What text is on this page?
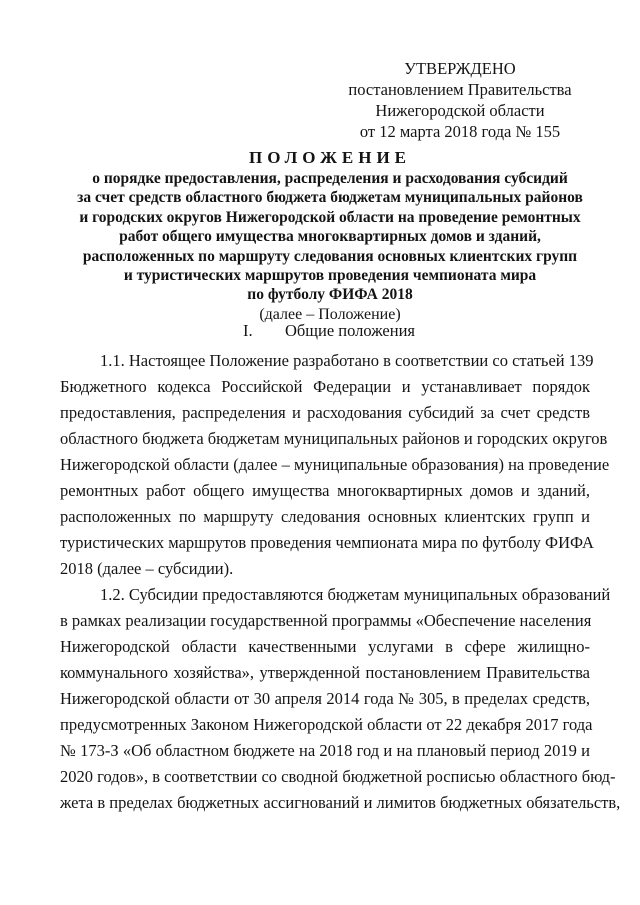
УТВЕРЖДЕНО
постановлением Правительства
Нижегородской области
от 12 марта 2018 года № 155
ПОЛОЖЕНИЕ
о порядке предоставления, распределения и расходования субсидий
за счет средств областного бюджета бюджетам муниципальных районов
и городских округов Нижегородской области на проведение ремонтных
работ общего имущества многоквартирных домов и зданий,
расположенных по маршруту следования основных клиентских групп
и туристических маршрутов проведения чемпионата мира
по футболу ФИФА 2018
(далее – Положение)
I. Общие положения
1.1. Настоящее Положение разработано в соответствии со статьей 139
Бюджетного кодекса Российской Федерации и устанавливает порядок
предоставления, распределения и расходования субсидий за счет средств
областного бюджета бюджетам муниципальных районов и городских округов
Нижегородской области (далее – муниципальные образования) на проведение
ремонтных работ общего имущества многоквартирных домов и зданий,
расположенных по маршруту следования основных клиентских групп и
туристических маршрутов проведения чемпионата мира по футболу ФИФА
2018 (далее – субсидии).
1.2. Субсидии предоставляются бюджетам муниципальных образований
в рамках реализации государственной программы «Обеспечение населения
Нижегородской области качественными услугами в сфере жилищно-
коммунального хозяйства», утвержденной постановлением Правительства
Нижегородской области от 30 апреля 2014 года № 305, в пределах средств,
предусмотренных Законом Нижегородской области от 22 декабря 2017 года
№ 173-З «Об областном бюджете на 2018 год и на плановый период 2019 и
2020 годов», в соответствии со сводной бюджетной росписью областного бюд-
жета в пределах бюджетных ассигнований и лимитов бюджетных обязательств,
